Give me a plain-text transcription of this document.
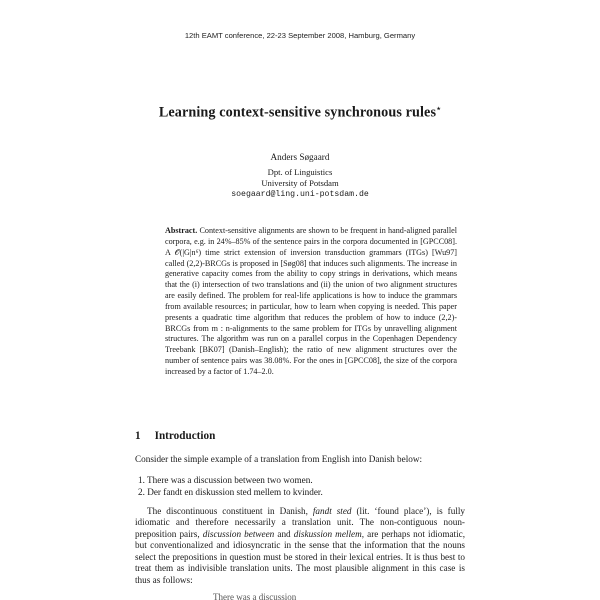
12th EAMT conference, 22-23 September 2008, Hamburg, Germany
Learning context-sensitive synchronous rules⋆
Anders Søgaard
Dpt. of Linguistics
University of Potsdam
soegaard@ling.uni-potsdam.de
Abstract. Context-sensitive alignments are shown to be frequent in hand-aligned parallel corpora, e.g. in 24%–85% of the sentence pairs in the corpora documented in [GPCC08]. A 𝒪(|G|n⁶) time strict extension of inversion transduction grammars (ITGs) [Wu97] called (2,2)-BRCGs is proposed in [Søg08] that induces such alignments. The increase in generative capacity comes from the ability to copy strings in derivations, which means that the (i) intersection of two translations and (ii) the union of two alignment structures are easily defined. The problem for real-life applications is how to induce the grammars from available resources; in particular, how to learn when copying is needed. This paper presents a quadratic time algorithm that reduces the problem of how to induce (2,2)-BRCGs from m : n-alignments to the same problem for ITGs by unravelling alignment structures. The algorithm was run on a parallel corpus in the Copenhagen Dependency Treebank [BK07] (Danish–English); the ratio of new alignment structures over the number of sentence pairs was 38.08%. For the ones in [GPCC08], the size of the corpora increased by a factor of 1.74–2.0.
1 Introduction
Consider the simple example of a translation from English into Danish below:
1. There was a discussion between two women.
2. Der fandt en diskussion sted mellem to kvinder.
The discontinuous constituent in Danish, fandt sted (lit. ‘found place’), is fully idiomatic and therefore necessarily a translation unit. The non-contiguous noun-preposition pairs, discussion between and diskussion mellem, are perhaps not idiomatic, but conventionalized and idiosyncratic in the sense that the information that the nouns select the prepositions in question must be stored in their lexical entries. It is thus best to treat them as indivisible translation units. The most plausible alignment in this case is thus as follows:
There was a discussion
